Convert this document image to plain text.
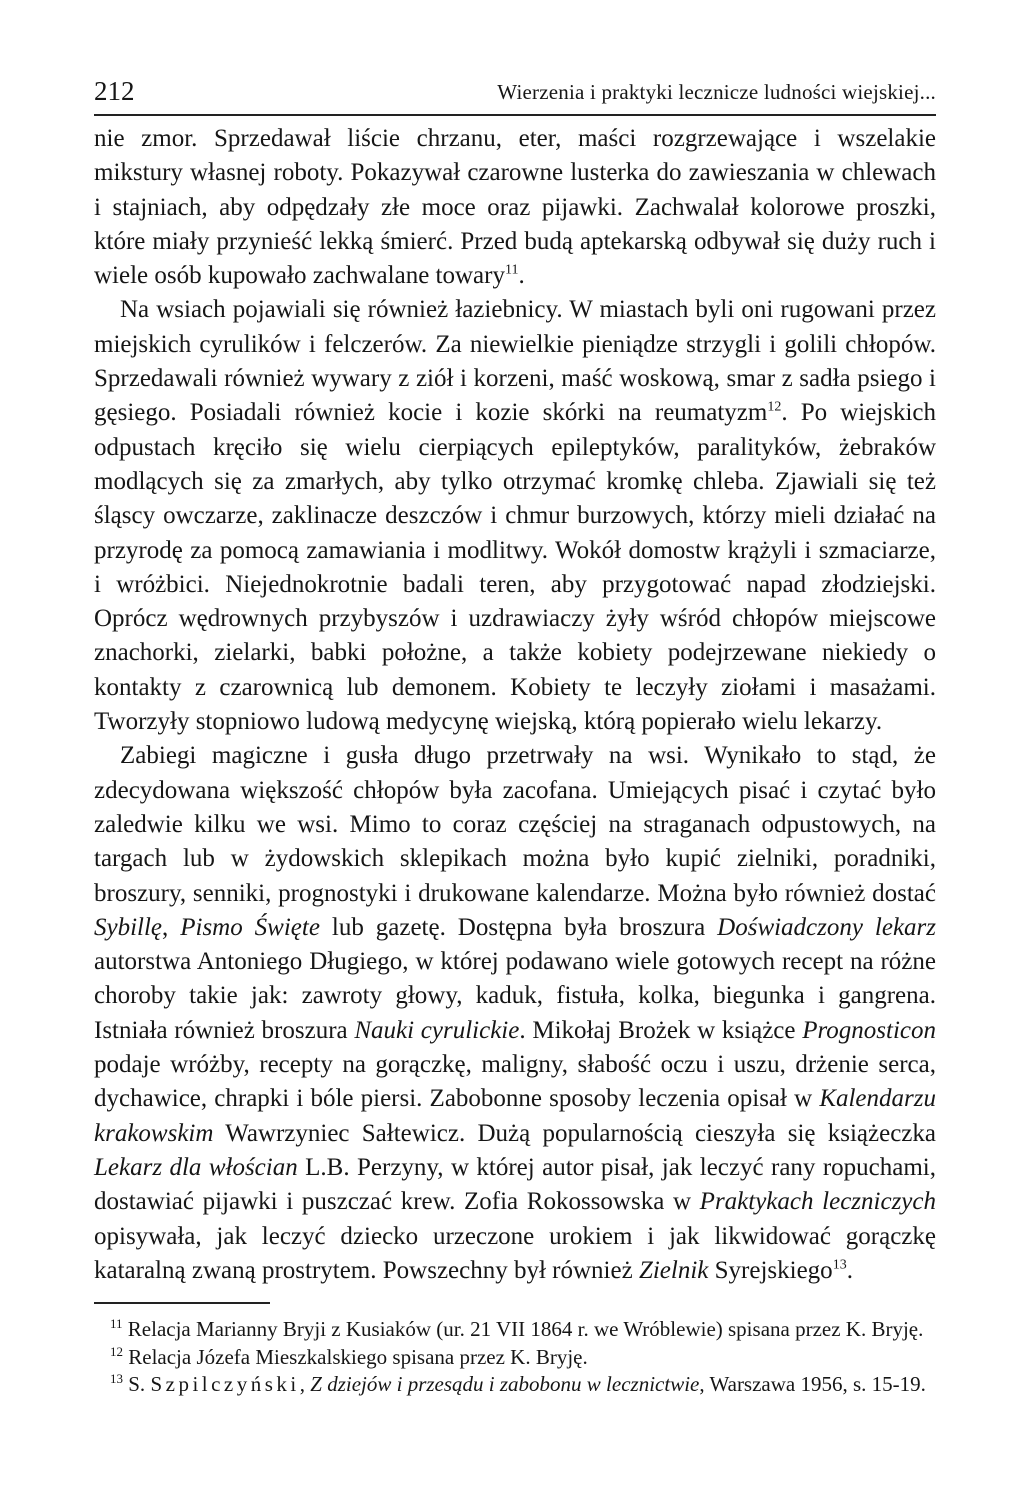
212	Wierzenia i praktyki lecznicze ludności wiejskiej...

nie zmor. Sprzedawał liście chrzanu, eter, maści rozgrzewające i wszelakie mikstury własnej roboty. Pokazywał czarowne lusterka do zawieszania w chlewach i stajniach, aby odpędzały złe moce oraz pijawki. Zachwalał kolorowe proszki, które miały przynieść lekką śmierć. Przed budą aptekarską odbywał się duży ruch i wiele osób kupowało zachwalane towary$^{11}$.

Na wsiach pojawiali się również łaziebnicy. W miastach byli oni rugowani przez miejskich cyrulików i felczerów. Za niewielkie pieniądze strzygli i golili chłopów. Sprzedawali również wywary z ziół i korzeni, maść woskową, smar z sadła psiego i gęsiego. Posiadali również kocie i kozie skórki na reumatyzm$^{12}$. Po wiejskich odpustach kręciło się wielu cierpiących epileptyków, paralityków, żebraków modlących się za zmarłych, aby tylko otrzymać kromkę chleba. Zjawiali się też śląscy owczarze, zaklinacze deszczów i chmur burzowych, którzy mieli działać na przyrodę za pomocą zamawiania i modlitwy. Wokół domostw krążyli i szmaciarze, i wróżbici. Niejednokrotnie badali teren, aby przygotować napad złodziejski. Oprócz wędrownych przybyszów i uzdrawiaczy żyły wśród chłopów miejscowe znachorki, zielarki, babki położne, a także kobiety podejrzewane niekiedy o kontakty z czarownicą lub demonem. Kobiety te leczyły ziołami i masażami. Tworzyły stopniowo ludową medycynę wiejską, którą popierało wielu lekarzy.

Zabiegi magiczne i gusła długo przetrwały na wsi. Wynikało to stąd, że zdecydowana większość chłopów była zacofana. Umiejących pisać i czytać było zaledwie kilku we wsi. Mimo to coraz częściej na straganach odpustowych, na targach lub w żydowskich sklepikach można było kupić zielniki, poradniki, broszury, senniki, prognostyki i drukowane kalendarze. Można było również dostać Sybillę, Pismo Święte lub gazetę. Dostępna była broszura Doświadczony lekarz autorstwa Antoniego Długiego, w której podawano wiele gotowych recept na różne choroby takie jak: zawroty głowy, kaduk, fistuła, kolka, biegunka i gangrena. Istniała również broszura Nauki cyrulickie. Mikołaj Brożek w książce Prognosticon podaje wróżby, recepty na gorączkę, maligny, słabość oczu i uszu, drżenie serca, dychawice, chrapki i bóle piersi. Zabobonne sposoby leczenia opisał w Kalendarzu krakowskim Wawrzyniec Sałtewicz. Dużą popularnością cieszyła się książeczka Lekarz dla włościan L.B. Perzyny, w której autor pisał, jak leczyć rany ropuchami, dostawiać pijawki i puszczać krew. Zofia Rokossowska w Praktykach leczniczych opisywała, jak leczyć dziecko urzeczone urokiem i jak likwidować gorączkę kataralną zwaną prostrytem. Powszechny był również Zielnik Syrejskiego$^{13}$.

$^{11}$ Relacja Marianny Bryji z Kusiaków (ur. 21 VII 1864 r. we Wróblewie) spisana przez K. Bryję.

$^{12}$ Relacja Józefa Mieszkalskiego spisana przez K. Bryję.

$^{13}$ S. Szpilczyński, Z dziejów i przesądu i zabobonu w lecznictwie, Warszawa 1956, s. 15-19.
